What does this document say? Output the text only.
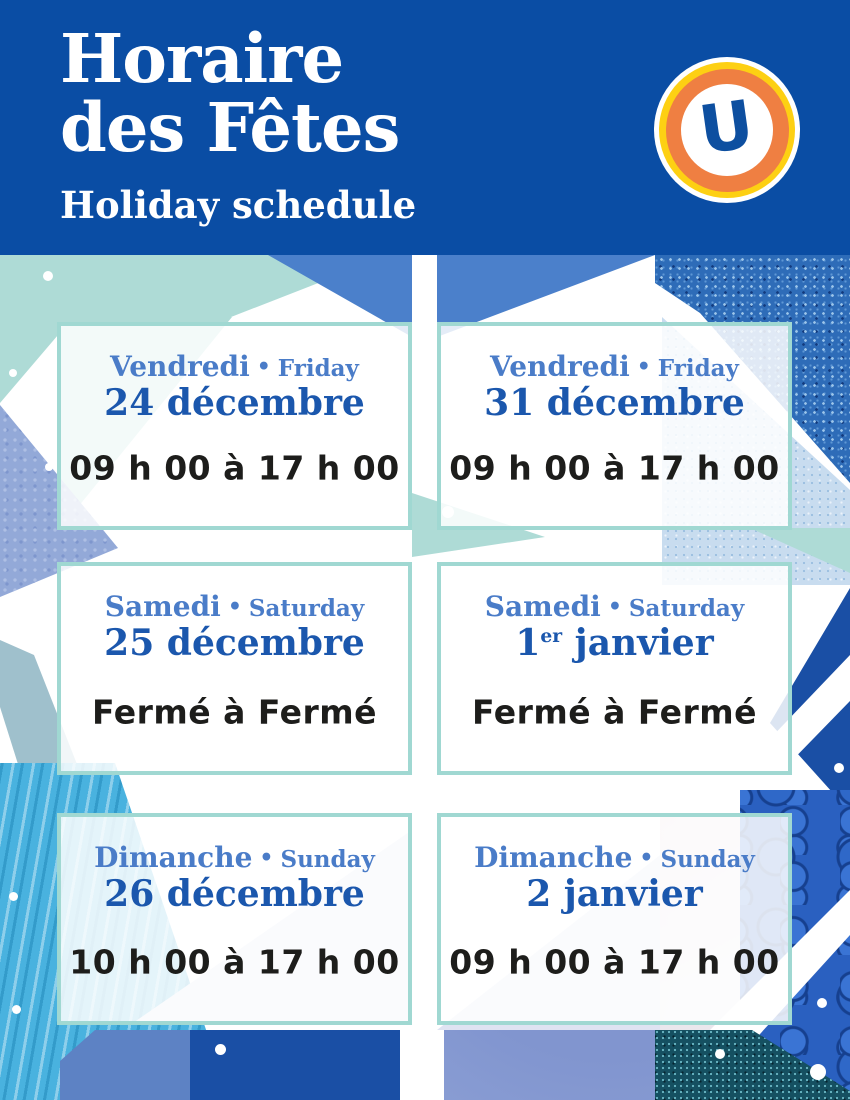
Horaire
des Fêtes
Holiday schedule
U
Vendredi • Friday
24 décembre
09 h 00 à 17 h 00
Vendredi • Friday
31 décembre
09 h 00 à 17 h 00
Samedi • Saturday
25 décembre
Fermé à Fermé
Samedi • Saturday
1er janvier
Fermé à Fermé
Dimanche • Sunday
26 décembre
10 h 00 à 17 h 00
Dimanche • Sunday
2 janvier
09 h 00 à 17 h 00
